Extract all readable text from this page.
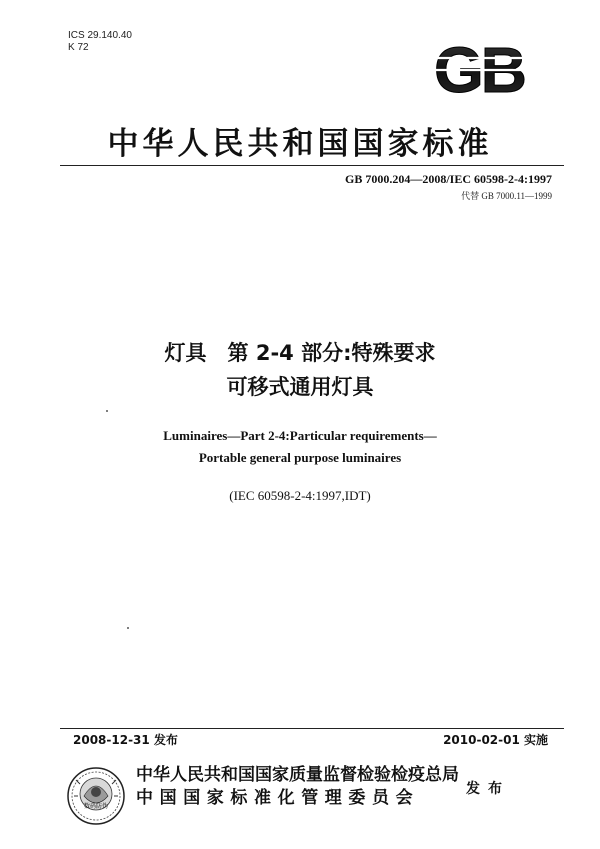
ICS 29.140.40
K 72	GB
中华人民共和国国家标准
GB 7000.204—2008/IEC 60598-2-4:1997
代替 GB 7000.11—1999
灯具　第 2-4 部分:特殊要求
可移式通用灯具
Luminaires—Part 2-4:Particular requirements—
Portable general purpose luminaires
(IEC 60598-2-4:1997,IDT)
2008-12-31 发布	2010-02-01 实施
数码防伪
中华人民共和国国家质量监督检验检疫总局
中国国家标准化管理委员会	发布
